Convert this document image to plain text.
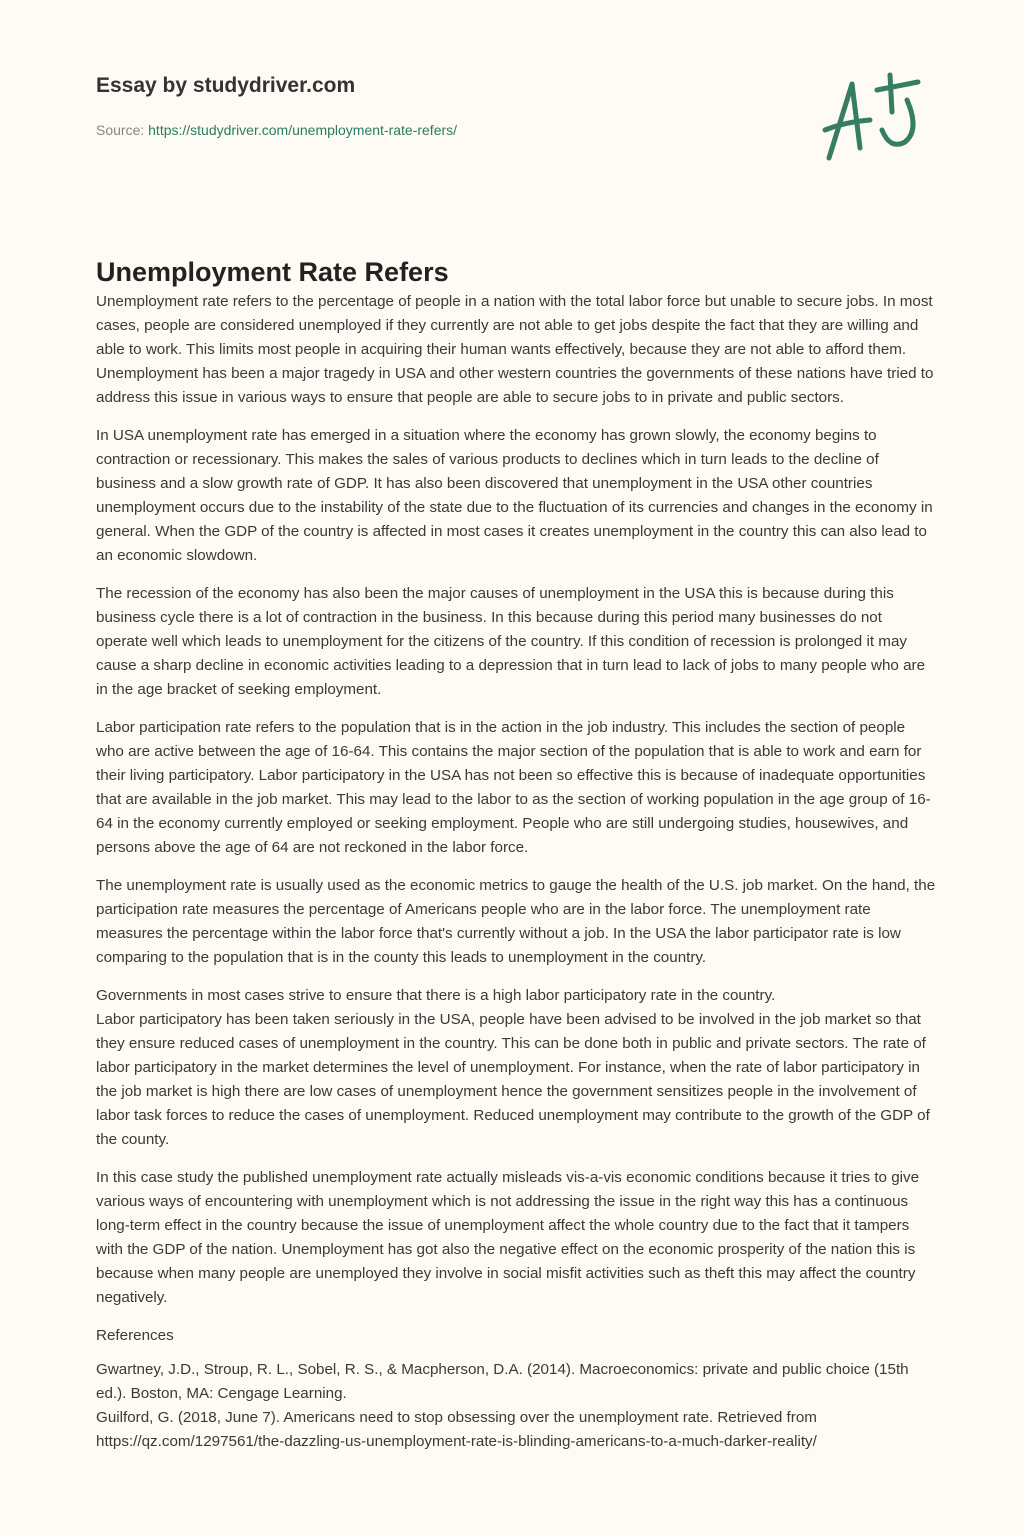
Essay by studydriver.com
Source: https://studydriver.com/unemployment-rate-refers/
Unemployment Rate Refers

Unemployment rate refers to the percentage of people in a nation with the total labor force but unable to secure jobs. In most cases, people are considered unemployed if they currently are not able to get jobs despite the fact that they are willing and able to work. This limits most people in acquiring their human wants effectively, because they are not able to afford them. Unemployment has been a major tragedy in USA and other western countries the governments of these nations have tried to address this issue in various ways to ensure that people are able to secure jobs to in private and public sectors.

In USA unemployment rate has emerged in a situation where the economy has grown slowly, the economy begins to contraction or recessionary. This makes the sales of various products to declines which in turn leads to the decline of business and a slow growth rate of GDP. It has also been discovered that unemployment in the USA other countries unemployment occurs due to the instability of the state due to the fluctuation of its currencies and changes in the economy in general. When the GDP of the country is affected in most cases it creates unemployment in the country this can also lead to an economic slowdown.

The recession of the economy has also been the major causes of unemployment in the USA this is because during this business cycle there is a lot of contraction in the business. In this because during this period many businesses do not operate well which leads to unemployment for the citizens of the country. If this condition of recession is prolonged it may cause a sharp decline in economic activities leading to a depression that in turn lead to lack of jobs to many people who are in the age bracket of seeking employment.

Labor participation rate refers to the population that is in the action in the job industry. This includes the section of people who are active between the age of 16-64. This contains the major section of the population that is able to work and earn for their living participatory. Labor participatory in the USA has not been so effective this is because of inadequate opportunities that are available in the job market. This may lead to the labor to as the section of working population in the age group of 16-64 in the economy currently employed or seeking employment. People who are still undergoing studies, housewives, and persons above the age of 64 are not reckoned in the labor force.

The unemployment rate is usually used as the economic metrics to gauge the health of the U.S. job market. On the hand, the participation rate measures the percentage of Americans people who are in the labor force. The unemployment rate measures the percentage within the labor force that's currently without a job. In the USA the labor participator rate is low comparing to the population that is in the county this leads to unemployment in the country.

Governments in most cases strive to ensure that there is a high labor participatory rate in the country.
Labor participatory has been taken seriously in the USA, people have been advised to be involved in the job market so that they ensure reduced cases of unemployment in the country. This can be done both in public and private sectors. The rate of labor participatory in the market determines the level of unemployment. For instance, when the rate of labor participatory in the job market is high there are low cases of unemployment hence the government sensitizes people in the involvement of labor task forces to reduce the cases of unemployment. Reduced unemployment may contribute to the growth of the GDP of the county.

In this case study the published unemployment rate actually misleads vis-a-vis economic conditions because it tries to give various ways of encountering with unemployment which is not addressing the issue in the right way this has a continuous long-term effect in the country because the issue of unemployment affect the whole country due to the fact that it tampers with the GDP of the nation. Unemployment has got also the negative effect on the economic prosperity of the nation this is because when many people are unemployed they involve in social misfit activities such as theft this may affect the country negatively.

References

Gwartney, J.D., Stroup, R. L., Sobel, R. S., & Macpherson, D.A. (2014). Macroeconomics: private and public choice (15th ed.). Boston, MA: Cengage Learning.

Guilford, G. (2018, June 7). Americans need to stop obsessing over the unemployment rate. Retrieved from https://qz.com/1297561/the-dazzling-us-unemployment-rate-is-blinding-americans-to-a-much-darker-reality/
